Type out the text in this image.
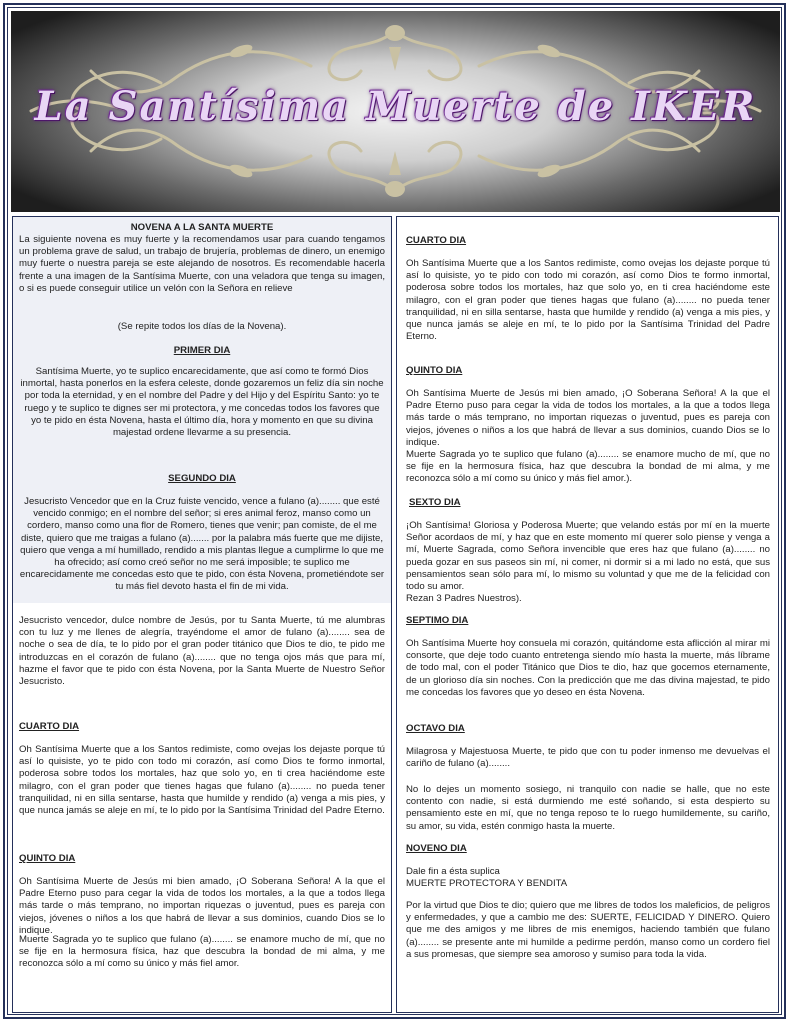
La Santísima Muerte de IKER
NOVENA A LA SANTA MUERTE
La siguiente novena es muy fuerte y la recomendamos usar para cuando tengamos un problema grave de salud, un trabajo de brujería, problemas de dinero, un enemigo muy fuerte o nuestra pareja se este alejando de nosotros. Es recomendable hacerla frente a una imagen de la Santísima Muerte, con una veladora que tenga su imagen, o si es puede conseguir utilice un velón con la Señora en relieve
(Se repite todos los días de la Novena).
PRIMER DIA
Santísima Muerte, yo te suplico encarecidamente, que así como te formó Dios inmortal, hasta ponerlos en la esfera celeste, donde gozaremos un feliz día sin noche por toda la eternidad, y en el nombre del Padre y del Hijo y del Espíritu Santo: yo te ruego y te suplico te dignes ser mi protectora, y me concedas todos los favores que yo te pido en ésta Novena, hasta el último día, hora y momento en que su divina majestad ordene llevarme a su presencia.
SEGUNDO DIA
Jesucristo Vencedor que en la Cruz fuiste vencido, vence a fulano (a)........ que esté vencido conmigo; en el nombre del señor; si eres animal feroz, manso como un cordero, manso como una flor de Romero, tienes que venir; pan comiste, de el me diste, quiero que me traigas a fulano (a)....... por la palabra más fuerte que me dijiste, quiero que venga a mí humillado, rendido a mis plantas llegue a cumplirme lo que me ha ofrecido; así como creó señor no me será imposible; te suplico me encarecidamente me concedas esto que te pido, con ésta Novena, prometiéndote ser tu más fiel devoto hasta el fin de mi vida.
Jesucristo vencedor, dulce nombre de Jesús, por tu Santa Muerte, tú me alumbras con tu luz y me llenes de alegría, trayéndome el amor de fulano (a)........ sea de noche o sea de día, te lo pido por el gran poder titánico que Dios te dio, te pido me introduzcas en el corazón de fulano (a)........ que no tenga ojos más que para mí, hazme el favor que te pido con ésta Novena, por la Santa Muerte de Nuestro Señor Jesucristo.
CUARTO DIA
Oh Santísima Muerte que a los Santos redimiste, como ovejas los dejaste porque tú así lo quisiste, yo te pido con todo mi corazón, así como Dios te formo inmortal, poderosa sobre todos los mortales, haz que solo yo, en ti crea haciéndome este milagro, con el gran poder que tienes hagas que fulano (a)........ no pueda tener tranquilidad, ni en silla sentarse, hasta que humilde y rendido (a) venga a mis pies, y que nunca jamás se aleje en mí, te lo pido por la Santísima Trinidad del Padre Eterno.
QUINTO DIA
Oh Santísima Muerte de Jesús mi bien amado, ¡O Soberana Señora! A la que el Padre Eterno puso para cegar la vida de todos los mortales, a la que a todos llega más tarde o más temprano, no importan riquezas o juventud, pues es pareja con viejos, jóvenes o niños a los que habrá de llevar a sus dominios, cuando Dios se lo indique.
Muerte Sagrada yo te suplico que fulano (a)........ se enamore mucho de mí, que no se fije en la hermosura física, haz que descubra la bondad de mi alma, y me reconozca sólo a mí como su único y más fiel amor.
CUARTO DIA
Oh Santísima Muerte que a los Santos redimiste, como ovejas los dejaste porque tú así lo quisiste, yo te pido con todo mi corazón, así como Dios te formo inmortal, poderosa sobre todos los mortales, haz que solo yo, en ti crea haciéndome este milagro, con el gran poder que tienes hagas que fulano (a)........ no pueda tener tranquilidad, ni en silla sentarse, hasta que humilde y rendido (a) venga a mis pies, y que nunca jamás se aleje en mí, te lo pido por la Santísima Trinidad del Padre Eterno.
QUINTO DIA
Oh Santísima Muerte de Jesús mi bien amado, ¡O Soberana Señora! A la que el Padre Eterno puso para cegar la vida de todos los mortales, a la que a todos llega más tarde o más temprano, no importan riquezas o juventud, pues es pareja con viejos, jóvenes o niños a los que habrá de llevar a sus dominios, cuando Dios se lo indique.
Muerte Sagrada yo te suplico que fulano (a)........ se enamore mucho de mí, que no se fije en la hermosura física, haz que descubra la bondad de mi alma, y me reconozca sólo a mí como su único y más fiel amor.).
SEXTO DIA
¡Oh Santísima! Gloriosa y Poderosa Muerte; que velando estás por mí en la muerte Señor acordaos de mí, y haz que en este momento mí querer solo piense y venga a mí, Muerte Sagrada, como Señora invencible que eres haz que fulano (a)........ no pueda gozar en sus paseos sin mí, ni comer, ni dormir si a mi lado no está, que sus pensamientos sean sólo para mí, lo mismo su voluntad y que me de la felicidad con todo su amor.
Rezan 3 Padres Nuestros).
SEPTIMO DIA
Oh Santísima Muerte hoy consuela mi corazón, quitándome esta aflicción al mirar mi consorte, que deje todo cuanto entretenga siendo mío hasta la muerte, más líbrame de todo mal, con el poder Titánico que Dios te dio, haz que gocemos eternamente, de un glorioso día sin noches. Con la predicción que me das divina majestad, te pido me concedas los favores que yo deseo en ésta Novena.
OCTAVO DIA
Milagrosa y Majestuosa Muerte, te pido que con tu poder inmenso me devuelvas el cariño de fulano (a)........
No lo dejes un momento sosiego, ni tranquilo con nadie se halle, que no este contento con nadie, si está durmiendo me esté soñando, si esta despierto su pensamiento este en mí, que no tenga reposo te lo ruego humildemente, su cariño, su amor, su vida, estén conmigo hasta la muerte.
NOVENO DIA
Dale fin a ésta suplica
MUERTE PROTECTORA Y BENDITA
Por la virtud que Dios te dio; quiero que me libres de todos los maleficios, de peligros y enfermedades, y que a cambio me des: SUERTE, FELICIDAD Y DINERO. Quiero que me des amigos y me libres de mis enemigos, haciendo también que fulano (a)........ se presente ante mi humilde a pedirme perdón, manso como un cordero fiel a sus promesas, que siempre sea amoroso y sumiso para toda la vida.
